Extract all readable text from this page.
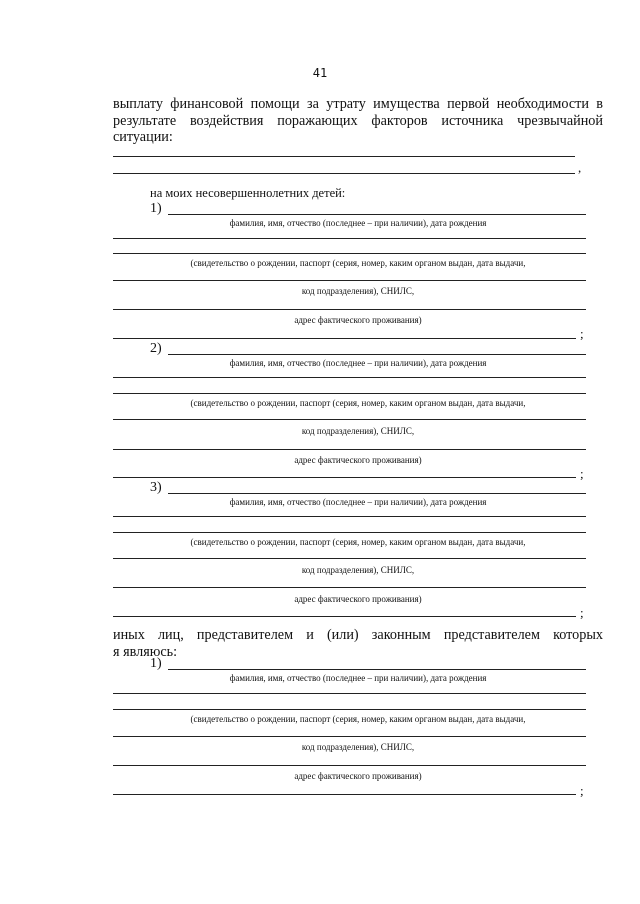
41
выплату финансовой помощи за утрату имущества первой необходимости в
результате воздействия поражающих факторов источника чрезвычайной
ситуации:
,
на моих несовершеннолетних детей:
1)
фамилия, имя, отчество (последнее – при наличии), дата рождения
(свидетельство о рождении, паспорт (серия, номер, каким органом выдан, дата выдачи,
код подразделения), СНИЛС,
адрес фактического проживания)
;
2)
фамилия, имя, отчество (последнее – при наличии), дата рождения
(свидетельство о рождении, паспорт (серия, номер, каким органом выдан, дата выдачи,
код подразделения), СНИЛС,
адрес фактического проживания)
;
3)
фамилия, имя, отчество (последнее – при наличии), дата рождения
(свидетельство о рождении, паспорт (серия, номер, каким органом выдан, дата выдачи,
код подразделения), СНИЛС,
адрес фактического проживания)
;
иных лиц, представителем и (или) законным представителем которых
я являюсь:
1)
фамилия, имя, отчество (последнее – при наличии), дата рождения
(свидетельство о рождении, паспорт (серия, номер, каким органом выдан, дата выдачи,
код подразделения), СНИЛС,
адрес фактического проживания)
;
